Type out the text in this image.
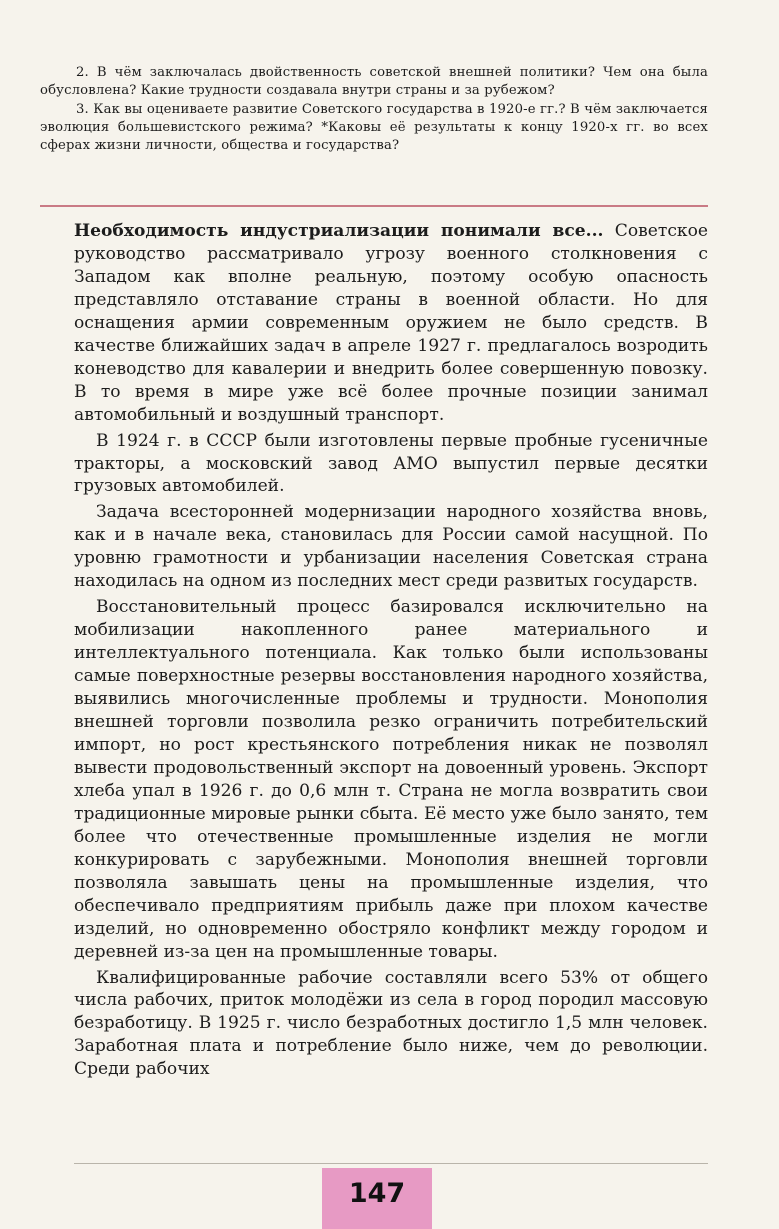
2. В чём заключалась двойственность советской внешней политики? Чем она была обусловлена? Какие трудности создавала внутри страны и за рубежом?

3. Как вы оцениваете развитие Советского государства в 1920-е гг.? В чём заключается эволюция большевистского режима? *Каковы её результаты к концу 1920-х гг. во всех сферах жизни личности, общества и государства?

Необходимость индустриализации понимали все... Советское руководство рассматривало угрозу военного столкновения с Западом как вполне реальную, поэтому особую опасность представляло отставание страны в военной области. Но для оснащения армии современным оружием не было средств. В качестве ближайших задач в апреле 1927 г. предлагалось возродить коневодство для кавалерии и внедрить более совершенную повозку. В то время в мире уже всё более прочные позиции занимал автомобильный и воздушный транспорт.

В 1924 г. в СССР были изготовлены первые пробные гусеничные тракторы, а московский завод АМО выпустил первые десятки грузовых автомобилей.

Задача всесторонней модернизации народного хозяйства вновь, как и в начале века, становилась для России самой насущной. По уровню грамотности и урбанизации населения Советская страна находилась на одном из последних мест среди развитых государств.

Восстановительный процесс базировался исключительно на мобилизации накопленного ранее материального и интеллектуального потенциала. Как только были использованы самые поверхностные резервы восстановления народного хозяйства, выявились многочисленные проблемы и трудности. Монополия внешней торговли позволила резко ограничить потребительский импорт, но рост крестьянского потребления никак не позволял вывести продовольственный экспорт на довоенный уровень. Экспорт хлеба упал в 1926 г. до 0,6 млн т. Страна не могла возвратить свои традиционные мировые рынки сбыта. Её место уже было занято, тем более что отечественные промышленные изделия не могли конкурировать с зарубежными. Монополия внешней торговли позволяла завышать цены на промышленные изделия, что обеспечивало предприятиям прибыль даже при плохом качестве изделий, но одновременно обостряло конфликт между городом и деревней из-за цен на промышленные товары.

Квалифицированные рабочие составляли всего 53% от общего числа рабочих, приток молодёжи из села в город породил массовую безработицу. В 1925 г. число безработных достигло 1,5 млн человек. Заработная плата и потребление было ниже, чем до революции. Среди рабочих

147
